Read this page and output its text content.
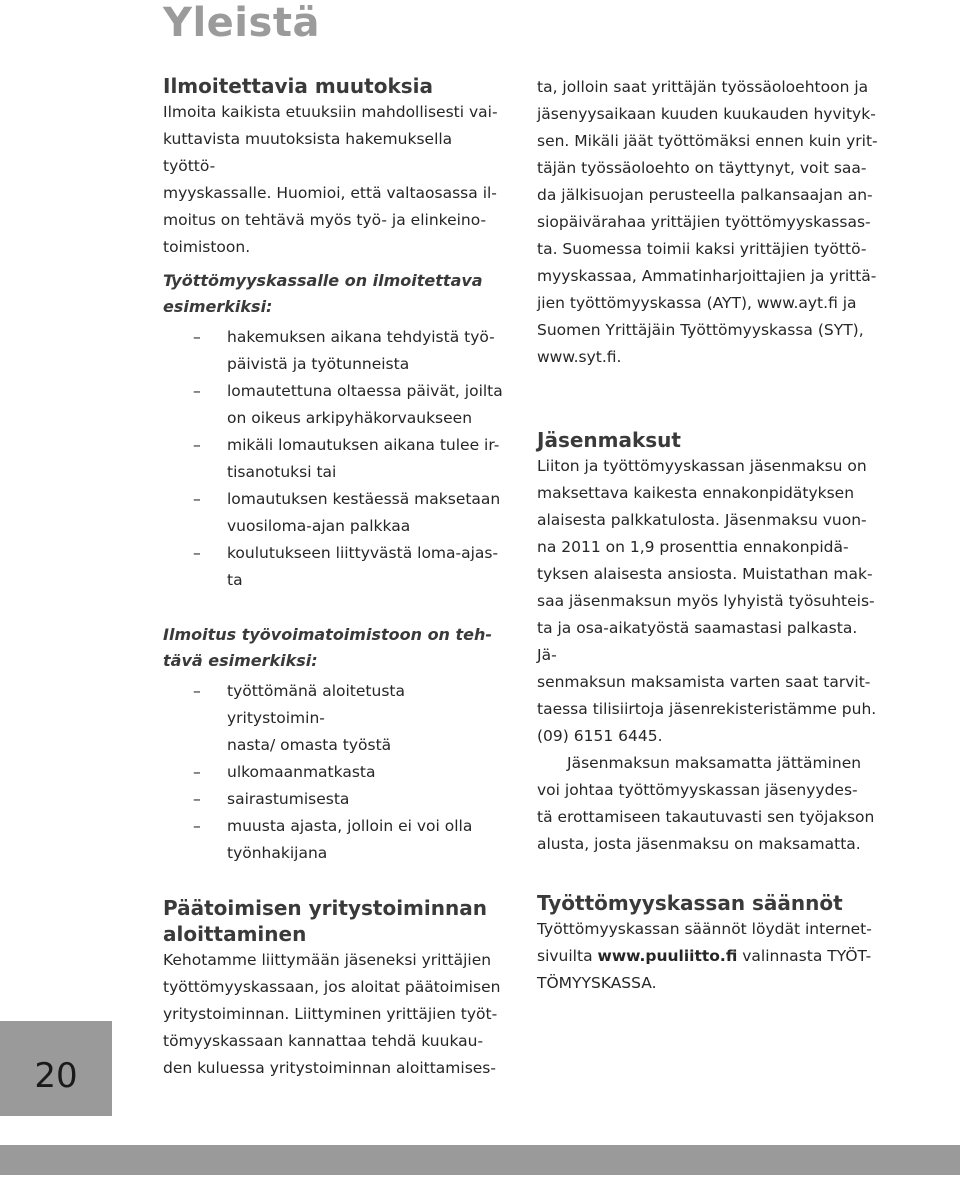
Yleistä
Ilmoitettavia muutoksia

Ilmoita kaikista etuuksiin mahdollisesti vai-

kuttavista muutoksista hakemuksella työttö-

myyskassalle. Huomioi, että valtaosassa il-

moitus on tehtävä myös työ- ja elinkeino-

toimistoon.

Työttömyyskassalle on ilmoitettava
esimerkiksi:
– hakemuksen aikana tehdyistä työ-
päivistä ja työtunneista
– lomautettuna oltaessa päivät, joilta
on oikeus arkipyhäkorvaukseen
– mikäli lomautuksen aikana tulee ir-
tisanotuksi tai
– lomautuksen kestäessä maksetaan
vuosiloma-ajan palkkaa
– koulutukseen liittyvästä loma-ajas-
ta
Ilmoitus työvoimatoimistoon on teh-
tävä esimerkiksi:
– työttömänä aloitetusta yritystoimin-
nasta/ omasta työstä
– ulkomaanmatkasta
– sairastumisesta
– muusta ajasta, jolloin ei voi olla
työnhakijana

ta, jolloin saat yrittäjän työssäoloehtoon ja

jäsenyysaikaan kuuden kuukauden hyvityk-

sen. Mikäli jäät työttömäksi ennen kuin yrit-

täjän työssäoloehto on täyttynyt, voit saa-

da jälkisuojan perusteella palkansaajan an-

siopäivärahaa yrittäjien työttömyyskassas-

ta. Suomessa toimii kaksi yrittäjien työttö-

myyskassaa, Ammatinharjoittajien ja yrittä-

jien työttömyyskassa (AYT), www.ayt.fi ja

Suomen Yrittäjäin Työttömyyskassa (SYT),

www.syt.fi.

Jäsenmaksut

Liiton ja työttömyyskassan jäsenmaksu on

maksettava kaikesta ennakonpidätyksen

alaisesta palkkatulosta. Jäsenmaksu vuon-

na 2011 on 1,9 prosenttia ennakonpidä-

tyksen alaisesta ansiosta. Muistathan mak-

saa jäsenmaksun myös lyhyistä työsuhteis-

ta ja osa-aikatyöstä saamastasi palkasta. Jä-

senmaksun maksamista varten saat tarvit-

taessa tilisiirtoja jäsenrekisteristämme puh.

(09) 6151 6445.

Jäsenmaksun maksamatta jättäminen

voi johtaa työttömyyskassan jäsenyydes-

tä erottamiseen takautuvasti sen työjakson

alusta, josta jäsenmaksu on maksamatta.

Päätoimisen yritystoiminnan
aloittaminen

Kehotamme liittymään jäseneksi yrittäjien

työttömyyskassaan, jos aloitat päätoimisen

yritystoiminnan. Liittyminen yrittäjien työt-

tömyyskassaan kannattaa tehdä kuukau-

den kuluessa yritystoiminnan aloittamises-

Työttömyyskassan säännöt

Työttömyyskassan säännöt löydät internet-

sivuilta www.puuliitto.fi valinnasta TYÖT-

TÖMYYSKASSA.

20
